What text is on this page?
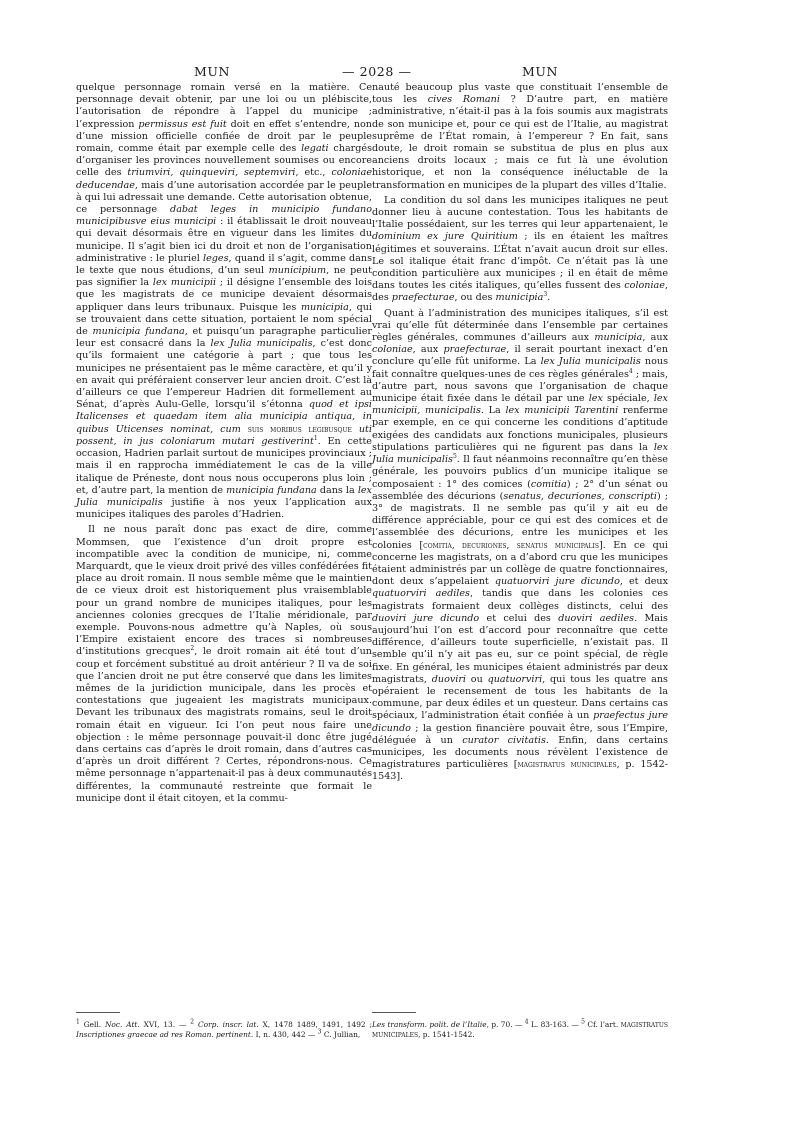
MUN	— 2028 —	MUN

quelque personnage romain versé en la matière. Ce personnage devait obtenir, par une loi ou un plébiscite, l’autorisation de répondre à l’appel du municipe ; l’expression permissus est fuit doit en effet s’entendre, non d’une mission officielle confiée de droit par le peuple romain, comme était par exemple celle des legati chargés d’organiser les provinces nouvellement soumises ou encore celle des triumviri, quinqueviri, septemviri, etc., coloniae deducendae, mais d’une autorisation accordée par le peuple à qui lui adressait une demande. Cette autorisation obtenue, ce personnage dabat leges in municipio fundano municipibusve eius municipi : il établissait le droit nouveau qui devait désormais être en vigueur dans les limites du municipe. Il s’agit bien ici du droit et non de l’organisation administrative : le pluriel leges, quand il s’agit, comme dans le texte que nous étudions, d’un seul municipium, ne peut pas signifier la lex municipii ; il désigne l’ensemble des lois que les magistrats de ce municipe devaient désormais appliquer dans leurs tribunaux. Puisque les municipia, qui se trouvaient dans cette situation, portaient le nom spécial de municipia fundana, et puisqu’un paragraphe particulier leur est consacré dans la lex Julia municipalis, c’est donc qu’ils formaient une catégorie à part ; que tous les municipes ne présentaient pas le même caractère, et qu’il y en avait qui préféraient conserver leur ancien droit. C’est là d’ailleurs ce que l’empereur Hadrien dit formellement au Sénat, d’après Aulu-Gelle, lorsqu’il s’étonna quod et ipsi Italicenses et quaedam item alia municipia antiqua, in quibus Uticenses nominat, cum suis moribus legibusque uti possent, in jus coloniarum mutari gestiverint$^1$. En cette occasion, Hadrien parlait surtout de municipes provinciaux ; mais il en rapprocha immédiatement le cas de la ville italique de Préneste, dont nous nous occuperons plus loin ; et, d’autre part, la mention de municipia fundana dans la lex Julia municipalis justifie à nos yeux l’application aux municipes italiques des paroles d’Hadrien.

Il ne nous paraît donc pas exact de dire, comme Mommsen, que l’existence d’un droit propre est incompatible avec la condition de municipe, ni, comme Marquardt, que le vieux droit privé des villes confédérées fit place au droit romain. Il nous semble même que le maintien de ce vieux droit est historiquement plus vraisemblable pour un grand nombre de municipes italiques, pour les anciennes colonies grecques de l’Italie méridionale, par exemple. Pouvons-nous admettre qu’à Naples, où sous l’Empire existaient encore des traces si nombreuses d’institutions grecques$^2$, le droit romain ait été tout d’un coup et forcément substitué au droit antérieur ? Il va de soi que l’ancien droit ne put être conservé que dans les limites mêmes de la juridiction municipale, dans les procès et contestations que jugeaient les magistrats municipaux. Devant les tribunaux des magistrats romains, seul le droit romain était en vigueur. Ici l’on peut nous faire une objection : le même personnage pouvait-il donc être jugé dans certains cas d’après le droit romain, dans d’autres cas d’après un droit différent ? Certes, répondrons-nous. Ce même personnage n’appartenait-il pas à deux communautés différentes, la communauté restreinte que formait le municipe dont il était citoyen, et la commu-

nauté beaucoup plus vaste que constituait l’ensemble de tous les cives Romani ? D’autre part, en matière administrative, n’était-il pas à la fois soumis aux magistrats de son municipe et, pour ce qui est de l’Italie, au magistrat suprême de l’État romain, à l’empereur ? En fait, sans doute, le droit romain se substitua de plus en plus aux anciens droits locaux ; mais ce fut là une évolution historique, et non la conséquence inéluctable de la transformation en municipes de la plupart des villes d’Italie.

La condition du sol dans les municipes italiques ne peut donner lieu à aucune contestation. Tous les habitants de l’Italie possédaient, sur les terres qui leur appartenaient, le dominium ex jure Quiritium ; ils en étaient les maîtres légitimes et souverains. L’État n’avait aucun droit sur elles. Le sol italique était franc d’impôt. Ce n’était pas là une condition particulière aux municipes ; il en était de même dans toutes les cités italiques, qu’elles fussent des coloniae, des praefecturae, ou des municipia$^3$.

Quant à l’administration des municipes italiques, s’il est vrai qu’elle fût déterminée dans l’ensemble par certaines règles générales, communes d’ailleurs aux municipia, aux coloniae, aux praefecturae, il serait pourtant inexact d’en conclure qu’elle fût uniforme. La lex Julia municipalis nous fait connaître quelques-unes de ces règles générales$^4$ ; mais, d’autre part, nous savons que l’organisation de chaque municipe était fixée dans le détail par une lex spéciale, lex municipii, municipalis. La lex municipii Tarentini renferme par exemple, en ce qui concerne les conditions d’aptitude exigées des candidats aux fonctions municipales, plusieurs stipulations particulières qui ne figurent pas dans la lex Julia municipalis$^5$. Il faut néanmoins reconnaître qu’en thèse générale, les pouvoirs publics d’un municipe italique se composaient : 1° des comices (comitia) ; 2° d’un sénat ou assemblée des décurions (senatus, decuriones, conscripti) ; 3° de magistrats. Il ne semble pas qu’il y ait eu de différence appréciable, pour ce qui est des comices et de l’assemblée des décurions, entre les municipes et les colonies [comitia, decuriones, senatus municipalis]. En ce qui concerne les magistrats, on a d’abord cru que les municipes étaient administrés par un collège de quatre fonctionnaires, dont deux s’appelaient quatuorviri jure dicundo, et deux quatuorviri aediles, tandis que dans les colonies ces magistrats formaient deux collèges distincts, celui des duoviri jure dicundo et celui des duoviri aediles. Mais aujourd’hui l’on est d’accord pour reconnaître que cette différence, d’ailleurs toute superficielle, n’existait pas. Il semble qu’il n’y ait pas eu, sur ce point spécial, de règle fixe. En général, les municipes étaient administrés par deux magistrats, duoviri ou quatuorviri, qui tous les quatre ans opéraient le recensement de tous les habitants de la commune, par deux édiles et un questeur. Dans certains cas spéciaux, l’administration était confiée à un praefectus jure dicundo ; la gestion financière pouvait être, sous l’Empire, déléguée à un curator civitatis. Enfin, dans certains municipes, les documents nous révèlent l’existence de magistratures particulières [magistratus municipales, p. 1542-1543].

$^1$ Gell. Noc. Att. XVI, 13. — $^2$ Corp. inscr. lat. X, 1478 1489, 1491, 1492 ; Inscriptiones graecae ad res Roman. pertinent. I, n. 430, 442 — $^3$ C. Jullian,
Les transform. polit. de l’Italie, p. 70. — $^4$ L. 83-163. — $^5$ Cf. l’art. magistratus municipales, p. 1541-1542.
